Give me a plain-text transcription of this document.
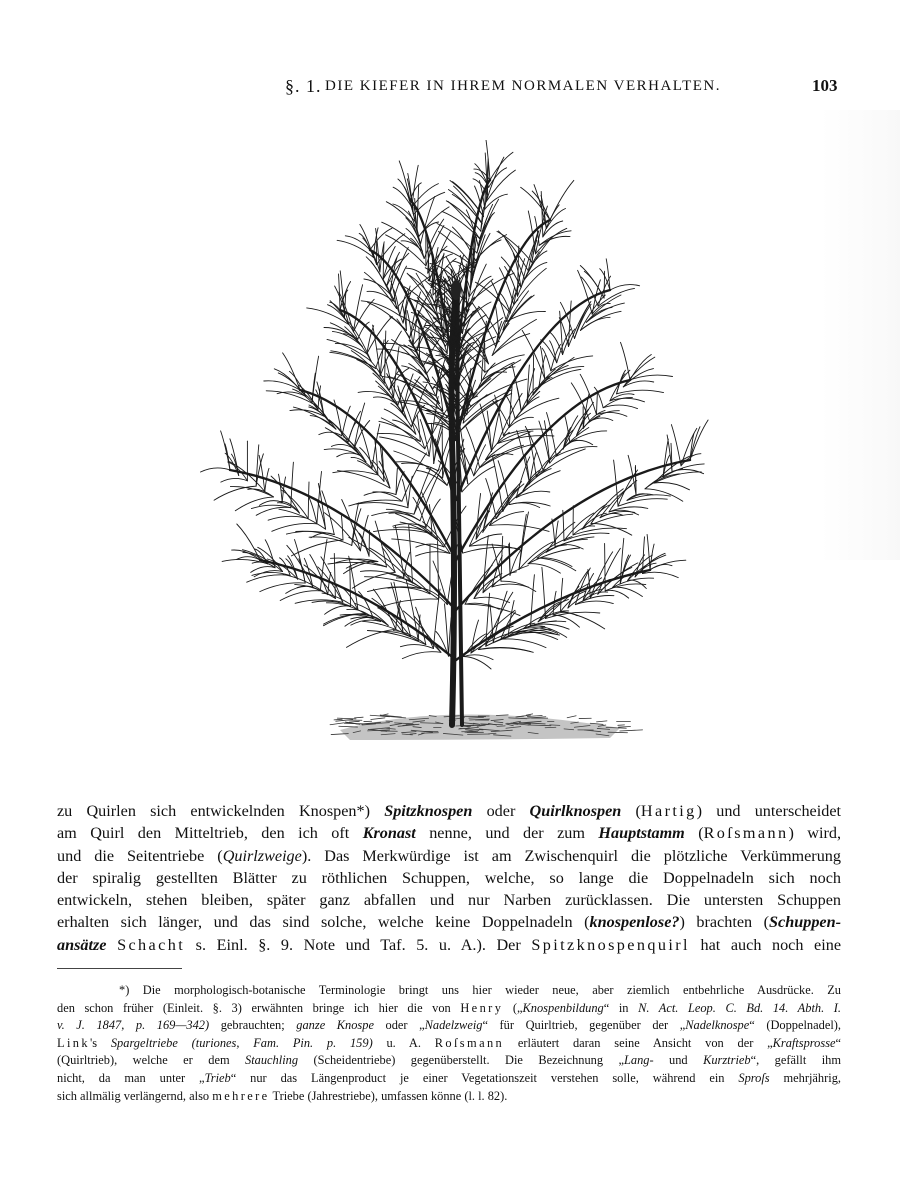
§. 1. DIE KIEFER IN IHREM NORMALEN VERHALTEN.	103
zu Quirlen sich entwickelnden Knospen*) Spitzknospen oder Quirlknospen (Hartig) und unterscheidet
am Quirl den Mitteltrieb, den ich oft Kronast nenne, und der zum Hauptstamm (Roſsmann) wird,
und die Seitentriebe (Quirlzweige). Das Merkwürdige ist am Zwischenquirl die plötzliche Verkümmerung
der spiralig gestellten Blätter zu röthlichen Schuppen, welche, so lange die Doppelnadeln sich noch
entwickeln, stehen bleiben, später ganz abfallen und nur Narben zurücklassen. Die untersten Schuppen
erhalten sich länger, und das sind solche, welche keine Doppelnadeln (knospenlose?) brachten (Schuppen-
ansätze Schacht s. Einl. §. 9. Note und Taf. 5. u. A.). Der Spitzknospenquirl hat auch noch eine
*) Die morphologisch-botanische Terminologie bringt uns hier wieder neue, aber ziemlich entbehrliche Ausdrücke. Zu
den schon früher (Einleit. §. 3) erwähnten bringe ich hier die von Henry („Knospenbildung“ in N. Act. Leop. C. Bd. 14. Abth. I.
v. J. 1847, p. 169—342) gebrauchten; ganze Knospe oder „Nadelzweig“ für Quirltrieb, gegenüber der „Nadelknospe“ (Doppelnadel),
Link's Spargeltriebe (turiones, Fam. Pin. p. 159) u. A. Roſsmann erläutert daran seine Ansicht von der „Kraftsprosse“
(Quirltrieb), welche er dem Stauchling (Scheidentriebe) gegenüberstellt. Die Bezeichnung „Lang- und Kurztrieb“, gefällt ihm
nicht, da man unter „Trieb“ nur das Längenproduct je einer Vegetationszeit verstehen solle, während ein Sproſs mehrjährig,
sich allmälig verlängernd, also mehrere Triebe (Jahrestriebe), umfassen könne (l. l. 82).
